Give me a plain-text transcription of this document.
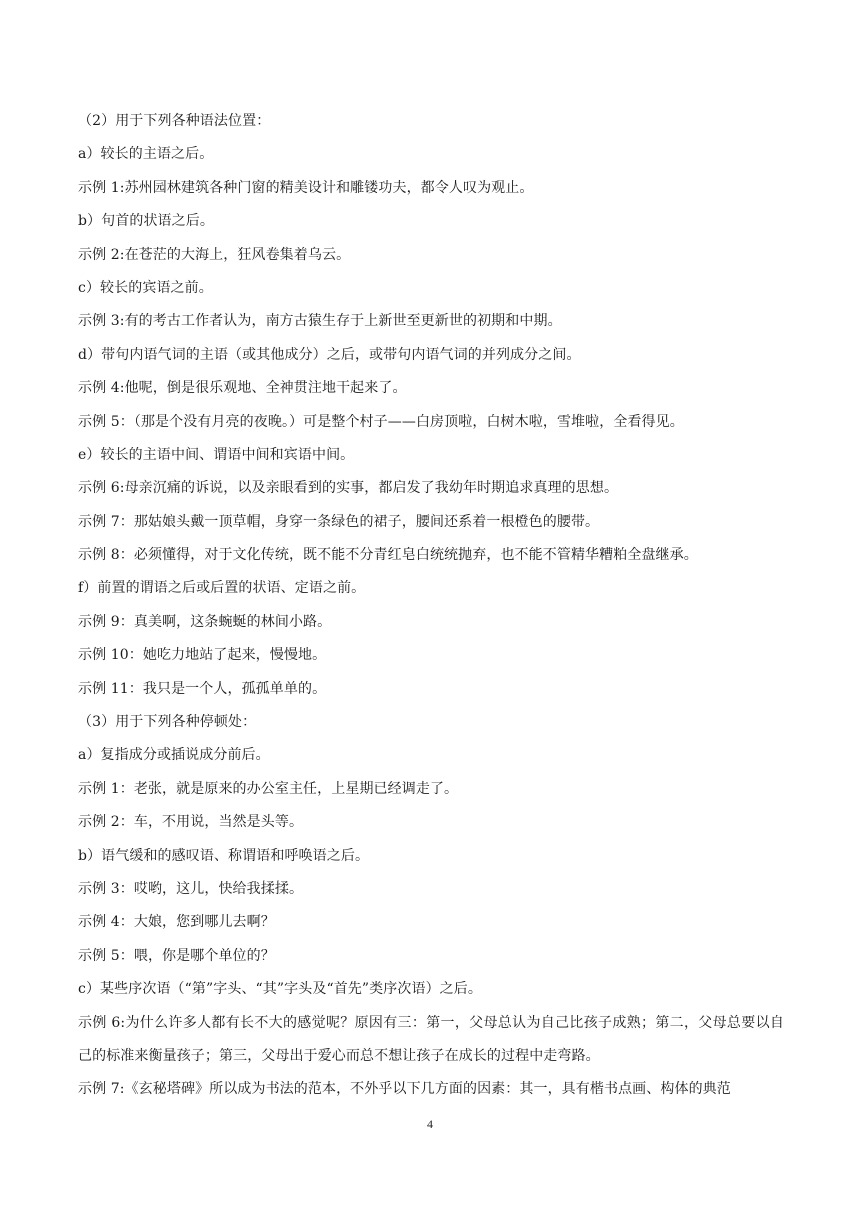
（2）用于下列各种语法位置：
a）较长的主语之后。
示例 1:苏州园林建筑各种门窗的精美设计和雕镂功夫，都令人叹为观止。
b）句首的状语之后。
示例 2:在苍茫的大海上，狂风卷集着乌云。
c）较长的宾语之前。
示例 3:有的考古工作者认为，南方古猿生存于上新世至更新世的初期和中期。
d）带句内语气词的主语（或其他成分）之后，或带句内语气词的并列成分之间。
示例 4:他呢，倒是很乐观地、全神贯注地干起来了。
示例 5：（那是个没有月亮的夜晚。）可是整个村子——白房顶啦，白树木啦，雪堆啦，全看得见。
e）较长的主语中间、谓语中间和宾语中间。
示例 6:母亲沉痛的诉说，以及亲眼看到的实事，都启发了我幼年时期追求真理的思想。
示例 7：那姑娘头戴一顶草帽，身穿一条绿色的裙子，腰间还系着一根橙色的腰带。
示例 8：必须懂得，对于文化传统，既不能不分青红皂白统统抛弃，也不能不管精华糟粕全盘继承。
f）前置的谓语之后或后置的状语、定语之前。
示例 9：真美啊，这条蜿蜒的林间小路。
示例 10：她吃力地站了起来，慢慢地。
示例 11：我只是一个人，孤孤单单的。
（3）用于下列各种停顿处：
a）复指成分或插说成分前后。
示例 1：老张，就是原来的办公室主任，上星期已经调走了。
示例 2：车，不用说，当然是头等。
b）语气缓和的感叹语、称谓语和呼唤语之后。
示例 3：哎哟，这儿，快给我揉揉。
示例 4：大娘，您到哪儿去啊？
示例 5：喂，你是哪个单位的？
c）某些序次语（“第”字头、“其”字头及“首先”类序次语）之后。
示例 6:为什么许多人都有长不大的感觉呢？原因有三：第一，父母总认为自己比孩子成熟；第二，父母总要以自己的标准来衡量孩子；第三，父母出于爱心而总不想让孩子在成长的过程中走弯路。
示例 7:《玄秘塔碑》所以成为书法的范本，不外乎以下几方面的因素：其一，具有楷书点画、构体的典范
4
